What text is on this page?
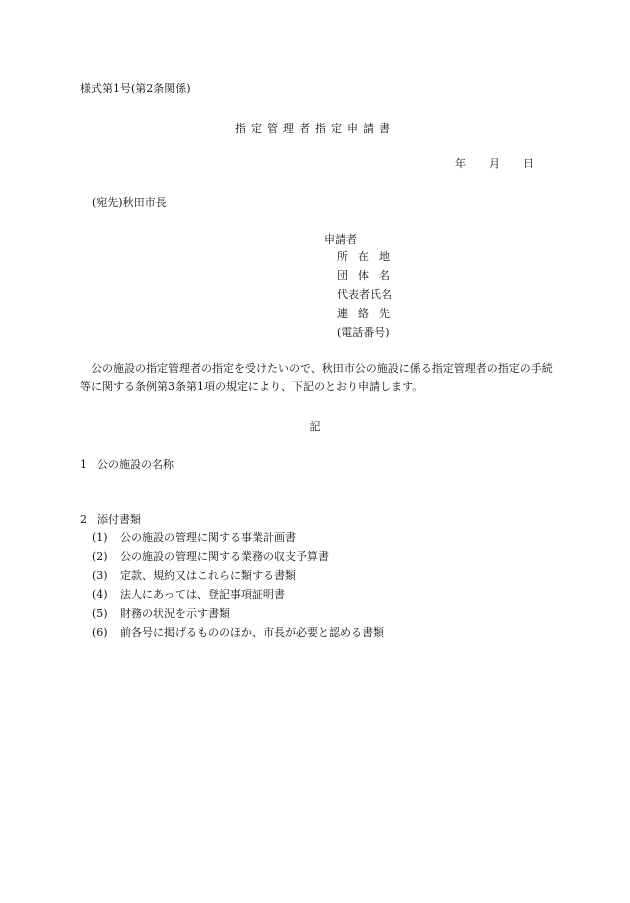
様式第1号(第2条関係)
指定管理者指定申請書
年 月 日
(宛先)秋田市長
申請者
所在地
団体名
代表者氏名
連絡先
(電話番号)
公の施設の指定管理者の指定を受けたいので、秋田市公の施設に係る指定管理者の指定の手続等に関する条例第3条第1項の規定により、下記のとおり申請します。
記
1 公の施設の名称
2 添付書類
(1) 公の施設の管理に関する事業計画書
(2) 公の施設の管理に関する業務の収支予算書
(3) 定款、規約又はこれらに類する書類
(4) 法人にあっては、登記事項証明書
(5) 財務の状況を示す書類
(6) 前各号に掲げるもののほか、市長が必要と認める書類
